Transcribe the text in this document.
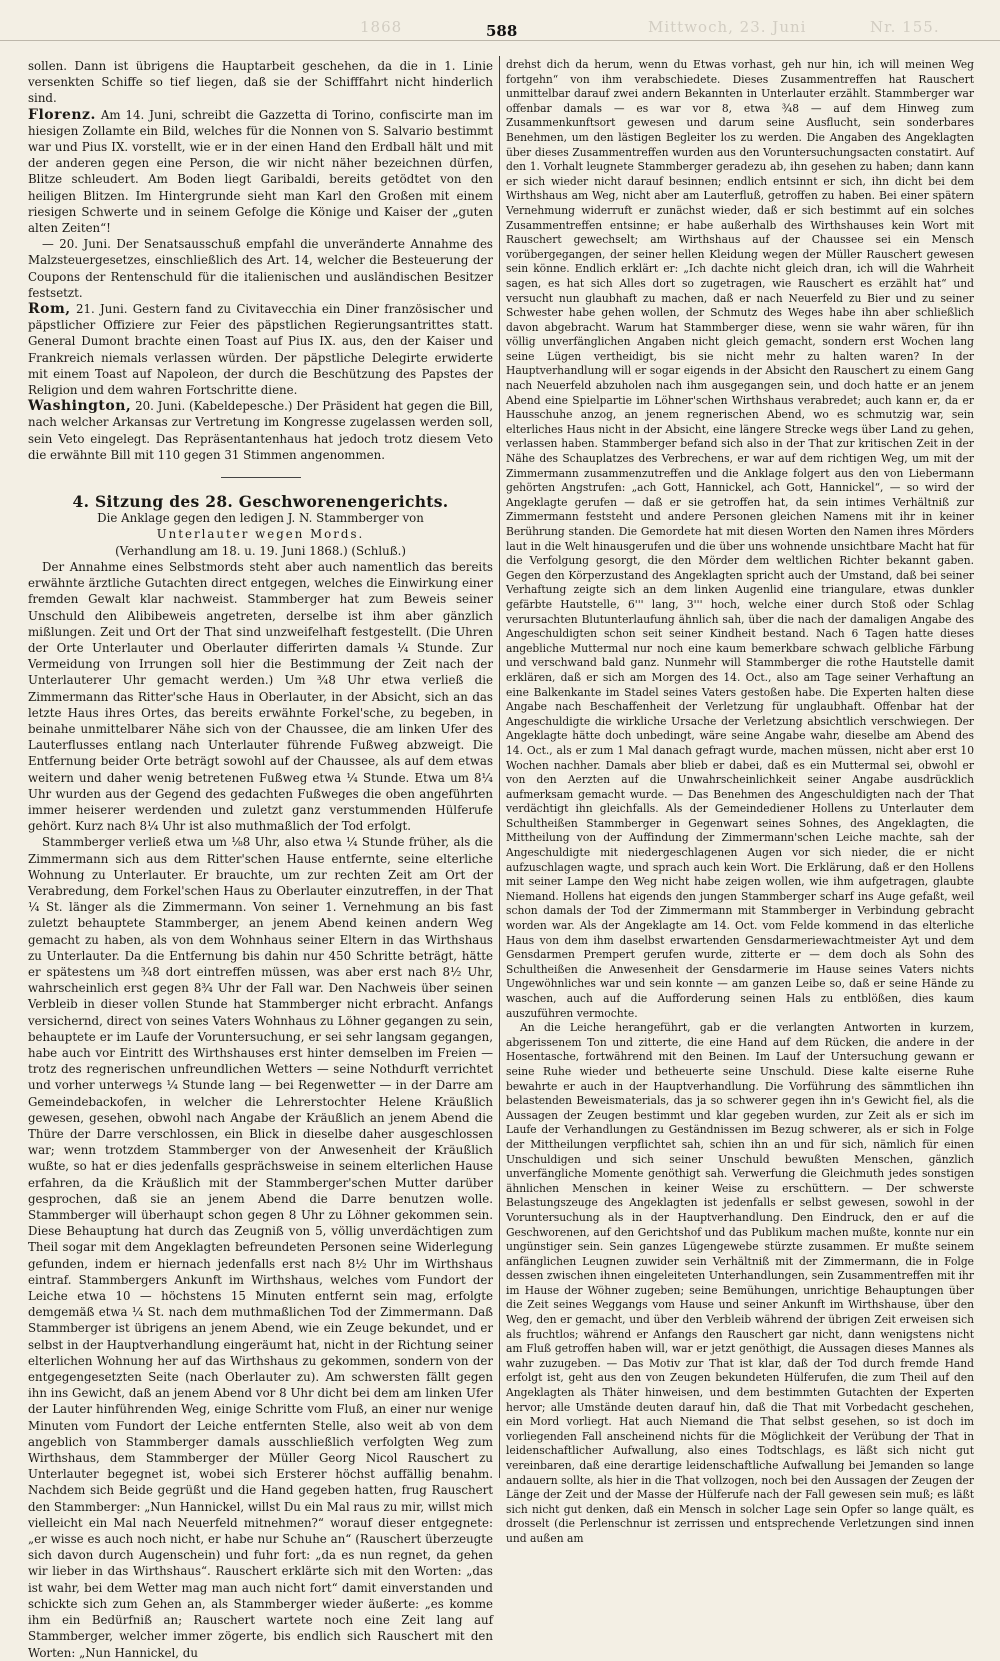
1868	588	Mittwoch, 23. Juni	Nr. 155.

sollen. Dann ist übrigens die Hauptarbeit geschehen, da die in 1. Linie versenkten Schiffe so tief liegen, daß sie der Schifffahrt nicht hinderlich sind.

Florenz. Am 14. Juni, schreibt die Gazzetta di Torino, confiscirte man im hiesigen Zollamte ein Bild, welches für die Nonnen von S. Salvario bestimmt war und Pius IX. vorstellt, wie er in der einen Hand den Erdball hält und mit der anderen gegen eine Person, die wir nicht näher bezeichnen dürfen, Blitze schleudert. Am Boden liegt Garibaldi, bereits getödtet von den heiligen Blitzen. Im Hintergrunde sieht man Karl den Großen mit einem riesigen Schwerte und in seinem Gefolge die Könige und Kaiser der „guten alten Zeiten“!

— 20. Juni. Der Senatsausschuß empfahl die unveränderte Annahme des Malzsteuergesetzes, einschließlich des Art. 14, welcher die Besteuerung der Coupons der Rentenschuld für die italienischen und ausländischen Besitzer festsetzt.

Rom, 21. Juni. Gestern fand zu Civitavecchia ein Diner französischer und päpstlicher Offiziere zur Feier des päpstlichen Regierungsantrittes statt. General Dumont brachte einen Toast auf Pius IX. aus, den der Kaiser und Frankreich niemals verlassen würden. Der päpstliche Delegirte erwiderte mit einem Toast auf Napoleon, der durch die Beschützung des Papstes der Religion und dem wahren Fortschritte diene.

Washington, 20. Juni. (Kabeldepesche.) Der Präsident hat gegen die Bill, nach welcher Arkansas zur Vertretung im Kongresse zugelassen werden soll, sein Veto eingelegt. Das Repräsentantenhaus hat jedoch trotz diesem Veto die erwähnte Bill mit 110 gegen 31 Stimmen angenommen.

4. Sitzung des 28. Geschworenengerichts.

Die Anklage gegen den ledigen J. N. Stammberger von

Unterlauter wegen Mords.

(Verhandlung am 18. u. 19. Juni 1868.) (Schluß.)

Der Annahme eines Selbstmords steht aber auch namentlich das bereits erwähnte ärztliche Gutachten direct entgegen, welches die Einwirkung einer fremden Gewalt klar nachweist. Stammberger hat zum Beweis seiner Unschuld den Alibibeweis angetreten, derselbe ist ihm aber gänzlich mißlungen. Zeit und Ort der That sind unzweifelhaft festgestellt. (Die Uhren der Orte Unterlauter und Oberlauter differirten damals ¼ Stunde. Zur Vermeidung von Irrungen soll hier die Bestimmung der Zeit nach der Unterlauterer Uhr gemacht werden.) Um ¾8 Uhr etwa verließ die Zimmermann das Ritter'sche Haus in Oberlauter, in der Absicht, sich an das letzte Haus ihres Ortes, das bereits erwähnte Forkel'sche, zu begeben, in beinahe unmittelbarer Nähe sich von der Chaussee, die am linken Ufer des Lauterflusses entlang nach Unterlauter führende Fußweg abzweigt. Die Entfernung beider Orte beträgt sowohl auf der Chaussee, als auf dem etwas weitern und daher wenig betretenen Fußweg etwa ¼ Stunde. Etwa um 8¼ Uhr wurden aus der Gegend des gedachten Fußweges die oben angeführten immer heiserer werdenden und zuletzt ganz verstummenden Hülferufe gehört. Kurz nach 8¼ Uhr ist also muthmaßlich der Tod erfolgt.

Stammberger verließ etwa um ⅛8 Uhr, also etwa ¼ Stunde früher, als die Zimmermann sich aus dem Ritter'schen Hause entfernte, seine elterliche Wohnung zu Unterlauter. Er brauchte, um zur rechten Zeit am Ort der Verabredung, dem Forkel'schen Haus zu Oberlauter einzutreffen, in der That ¼ St. länger als die Zimmermann. Von seiner 1. Vernehmung an bis fast zuletzt behauptete Stammberger, an jenem Abend keinen andern Weg gemacht zu haben, als von dem Wohnhaus seiner Eltern in das Wirthshaus zu Unterlauter. Da die Entfernung bis dahin nur 450 Schritte beträgt, hätte er spätestens um ¾8 dort eintreffen müssen, was aber erst nach 8½ Uhr, wahrscheinlich erst gegen 8¾ Uhr der Fall war. Den Nachweis über seinen Verbleib in dieser vollen Stunde hat Stammberger nicht erbracht. Anfangs versichernd, direct von seines Vaters Wohnhaus zu Löhner gegangen zu sein, behauptete er im Laufe der Voruntersuchung, er sei sehr langsam gegangen, habe auch vor Eintritt des Wirthshauses erst hinter demselben im Freien — trotz des regnerischen unfreundlichen Wetters — seine Nothdurft verrichtet und vorher unterwegs ¼ Stunde lang — bei Regenwetter — in der Darre am Gemeindebackofen, in welcher die Lehrerstochter Helene Kräußlich gewesen, gesehen, obwohl nach Angabe der Kräußlich an jenem Abend die Thüre der Darre verschlossen, ein Blick in dieselbe daher ausgeschlossen war; wenn trotzdem Stammberger von der Anwesenheit der Kräußlich wußte, so hat er dies jedenfalls gesprächsweise in seinem elterlichen Hause erfahren, da die Kräußlich mit der Stammberger'schen Mutter darüber gesprochen, daß sie an jenem Abend die Darre benutzen wolle. Stammberger will überhaupt schon gegen 8 Uhr zu Löhner gekommen sein. Diese Behauptung hat durch das Zeugniß von 5, völlig unverdächtigen zum Theil sogar mit dem Angeklagten befreundeten Personen seine Widerlegung gefunden, indem er hiernach jedenfalls erst nach 8½ Uhr im Wirthshaus eintraf. Stammbergers Ankunft im Wirthshaus, welches vom Fundort der Leiche etwa 10 — höchstens 15 Minuten entfernt sein mag, erfolgte demgemäß etwa ¼ St. nach dem muthmaßlichen Tod der Zimmermann. Daß Stammberger ist übrigens an jenem Abend, wie ein Zeuge bekundet, und er selbst in der Hauptverhandlung eingeräumt hat, nicht in der Richtung seiner elterlichen Wohnung her auf das Wirthshaus zu gekommen, sondern von der entgegengesetzten Seite (nach Oberlauter zu). Am schwersten fällt gegen ihn ins Gewicht, daß an jenem Abend vor 8 Uhr dicht bei dem am linken Ufer der Lauter hinführenden Weg, einige Schritte vom Fluß, an einer nur wenige Minuten vom Fundort der Leiche entfernten Stelle, also weit ab von dem angeblich von Stammberger damals ausschließlich verfolgten Weg zum Wirthshaus, dem Stammberger der Müller Georg Nicol Rauschert zu Unterlauter begegnet ist, wobei sich Ersterer höchst auffällig benahm. Nachdem sich Beide gegrüßt und die Hand gegeben hatten, frug Rauschert den Stammberger: „Nun Hannickel, willst Du ein Mal raus zu mir, willst mich vielleicht ein Mal nach Neuerfeld mitnehmen?“ worauf dieser entgegnete: „er wisse es auch noch nicht, er habe nur Schuhe an“ (Rauschert überzeugte sich davon durch Augenschein) und fuhr fort: „da es nun regnet, da gehen wir lieber in das Wirthshaus“. Rauschert erklärte sich mit den Worten: „das ist wahr, bei dem Wetter mag man auch nicht fort“ damit einverstanden und schickte sich zum Gehen an, als Stammberger wieder äußerte: „es komme ihm ein Bedürfniß an; Rauschert wartete noch eine Zeit lang auf Stammberger, welcher immer zögerte, bis endlich sich Rauschert mit den Worten: „Nun Hannickel, du

drehst dich da herum, wenn du Etwas vorhast, geh nur hin, ich will meinen Weg fortgehn“ von ihm verabschiedete. Dieses Zusammentreffen hat Rauschert unmittelbar darauf zwei andern Bekannten in Unterlauter erzählt. Stammberger war offenbar damals — es war vor 8, etwa ¾8 — auf dem Hinweg zum Zusammenkunftsort gewesen und darum seine Ausflucht, sein sonderbares Benehmen, um den lästigen Begleiter los zu werden. Die Angaben des Angeklagten über dieses Zusammentreffen wurden aus den Voruntersuchungsacten constatirt. Auf den 1. Vorhalt leugnete Stammberger geradezu ab, ihn gesehen zu haben; dann kann er sich wieder nicht darauf besinnen; endlich entsinnt er sich, ihn dicht bei dem Wirthshaus am Weg, nicht aber am Lauterfluß, getroffen zu haben. Bei einer spätern Vernehmung widerruft er zunächst wieder, daß er sich bestimmt auf ein solches Zusammentreffen entsinne; er habe außerhalb des Wirthshauses kein Wort mit Rauschert gewechselt; am Wirthshaus auf der Chaussee sei ein Mensch vorübergegangen, der seiner hellen Kleidung wegen der Müller Rauschert gewesen sein könne. Endlich erklärt er: „Ich dachte nicht gleich dran, ich will die Wahrheit sagen, es hat sich Alles dort so zugetragen, wie Rauschert es erzählt hat“ und versucht nun glaubhaft zu machen, daß er nach Neuerfeld zu Bier und zu seiner Schwester habe gehen wollen, der Schmutz des Weges habe ihn aber schließlich davon abgebracht. Warum hat Stammberger diese, wenn sie wahr wären, für ihn völlig unverfänglichen Angaben nicht gleich gemacht, sondern erst Wochen lang seine Lügen vertheidigt, bis sie nicht mehr zu halten waren? In der Hauptverhandlung will er sogar eigends in der Absicht den Rauschert zu einem Gang nach Neuerfeld abzuholen nach ihm ausgegangen sein, und doch hatte er an jenem Abend eine Spielpartie im Löhner'schen Wirthshaus verabredet; auch kann er, da er Hausschuhe anzog, an jenem regnerischen Abend, wo es schmutzig war, sein elterliches Haus nicht in der Absicht, eine längere Strecke wegs über Land zu gehen, verlassen haben. Stammberger befand sich also in der That zur kritischen Zeit in der Nähe des Schauplatzes des Verbrechens, er war auf dem richtigen Weg, um mit der Zimmermann zusammenzutreffen und die Anklage folgert aus den von Liebermann gehörten Angstrufen: „ach Gott, Hannickel, ach Gott, Hannickel“, — so wird der Angeklagte gerufen — daß er sie getroffen hat, da sein intimes Verhältniß zur Zimmermann feststeht und andere Personen gleichen Namens mit ihr in keiner Berührung standen. Die Gemordete hat mit diesen Worten den Namen ihres Mörders laut in die Welt hinausgerufen und die über uns wohnende unsichtbare Macht hat für die Verfolgung gesorgt, die den Mörder dem weltlichen Richter bekannt gaben. Gegen den Körperzustand des Angeklagten spricht auch der Umstand, daß bei seiner Verhaftung zeigte sich an dem linken Augenlid eine triangulare, etwas dunkler gefärbte Hautstelle, 6''' lang, 3''' hoch, welche einer durch Stoß oder Schlag verursachten Blutunterlaufung ähnlich sah, über die nach der damaligen Angabe des Angeschuldigten schon seit seiner Kindheit bestand. Nach 6 Tagen hatte dieses angebliche Muttermal nur noch eine kaum bemerkbare schwach gelbliche Färbung und verschwand bald ganz. Nunmehr will Stammberger die rothe Hautstelle damit erklären, daß er sich am Morgen des 14. Oct., also am Tage seiner Verhaftung an eine Balkenkante im Stadel seines Vaters gestoßen habe. Die Experten halten diese Angabe nach Beschaffenheit der Verletzung für unglaubhaft. Offenbar hat der Angeschuldigte die wirkliche Ursache der Verletzung absichtlich verschwiegen. Der Angeklagte hätte doch unbedingt, wäre seine Angabe wahr, dieselbe am Abend des 14. Oct., als er zum 1 Mal danach gefragt wurde, machen müssen, nicht aber erst 10 Wochen nachher. Damals aber blieb er dabei, daß es ein Muttermal sei, obwohl er von den Aerzten auf die Unwahrscheinlichkeit seiner Angabe ausdrücklich aufmerksam gemacht wurde. — Das Benehmen des Angeschuldigten nach der That verdächtigt ihn gleichfalls. Als der Gemeindediener Hollens zu Unterlauter dem Schultheißen Stammberger in Gegenwart seines Sohnes, des Angeklagten, die Mittheilung von der Auffindung der Zimmermann'schen Leiche machte, sah der Angeschuldigte mit niedergeschlagenen Augen vor sich nieder, die er nicht aufzuschlagen wagte, und sprach auch kein Wort. Die Erklärung, daß er den Hollens mit seiner Lampe den Weg nicht habe zeigen wollen, wie ihm aufgetragen, glaubte Niemand. Hollens hat eigends den jungen Stammberger scharf ins Auge gefaßt, weil schon damals der Tod der Zimmermann mit Stammberger in Verbindung gebracht worden war. Als der Angeklagte am 14. Oct. vom Felde kommend in das elterliche Haus von dem ihm daselbst erwartenden Gensdarmeriewachtmeister Ayt und dem Gensdarmen Prempert gerufen wurde, zitterte er — dem doch als Sohn des Schultheißen die Anwesenheit der Gensdarmerie im Hause seines Vaters nichts Ungewöhnliches war und sein konnte — am ganzen Leibe so, daß er seine Hände zu waschen, auch auf die Aufforderung seinen Hals zu entblößen, dies kaum auszuführen vermochte.

An die Leiche herangeführt, gab er die verlangten Antworten in kurzem, abgerissenem Ton und zitterte, die eine Hand auf dem Rücken, die andere in der Hosentasche, fortwährend mit den Beinen. Im Lauf der Untersuchung gewann er seine Ruhe wieder und betheuerte seine Unschuld. Diese kalte eiserne Ruhe bewahrte er auch in der Hauptverhandlung. Die Vorführung des sämmtlichen ihn belastenden Beweismaterials, das ja so schwerer gegen ihn in's Gewicht fiel, als die Aussagen der Zeugen bestimmt und klar gegeben wurden, zur Zeit als er sich im Laufe der Verhandlungen zu Geständnissen im Bezug schwerer, als er sich in Folge der Mittheilungen verpflichtet sah, schien ihn an und für sich, nämlich für einen Unschuldigen und sich seiner Unschuld bewußten Menschen, gänzlich unverfängliche Momente genöthigt sah. Verwerfung die Gleichmuth jedes sonstigen ähnlichen Menschen in keiner Weise zu erschüttern. — Der schwerste Belastungszeuge des Angeklagten ist jedenfalls er selbst gewesen, sowohl in der Voruntersuchung als in der Hauptverhandlung. Den Eindruck, den er auf die Geschworenen, auf den Gerichtshof und das Publikum machen mußte, konnte nur ein ungünstiger sein. Sein ganzes Lügengewebe stürzte zusammen. Er mußte seinem anfänglichen Leugnen zuwider sein Verhältniß mit der Zimmermann, die in Folge dessen zwischen ihnen eingeleiteten Unterhandlungen, sein Zusammentreffen mit ihr im Hause der Wöhner zugeben; seine Bemühungen, unrichtige Behauptungen über die Zeit seines Weggangs vom Hause und seiner Ankunft im Wirthshause, über den Weg, den er gemacht, und über den Verbleib während der übrigen Zeit erweisen sich als fruchtlos; während er Anfangs den Rauschert gar nicht, dann wenigstens nicht am Fluß getroffen haben will, war er jetzt genöthigt, die Aussagen dieses Mannes als wahr zuzugeben. — Das Motiv zur That ist klar, daß der Tod durch fremde Hand erfolgt ist, geht aus den von Zeugen bekundeten Hülferufen, die zum Theil auf den Angeklagten als Thäter hinweisen, und dem bestimmten Gutachten der Experten hervor; alle Umstände deuten darauf hin, daß die That mit Vorbedacht geschehen, ein Mord vorliegt. Hat auch Niemand die That selbst gesehen, so ist doch im vorliegenden Fall anscheinend nichts für die Möglichkeit der Verübung der That in leidenschaftlicher Aufwallung, also eines Todtschlags, es läßt sich nicht gut vereinbaren, daß eine derartige leidenschaftliche Aufwallung bei Jemanden so lange andauern sollte, als hier in die That vollzogen, noch bei den Aussagen der Zeugen der Länge der Zeit und der Masse der Hülferufe nach der Fall gewesen sein muß; es läßt sich nicht gut denken, daß ein Mensch in solcher Lage sein Opfer so lange quält, es drosselt (die Perlenschnur ist zerrissen und entsprechende Verletzungen sind innen und außen am
